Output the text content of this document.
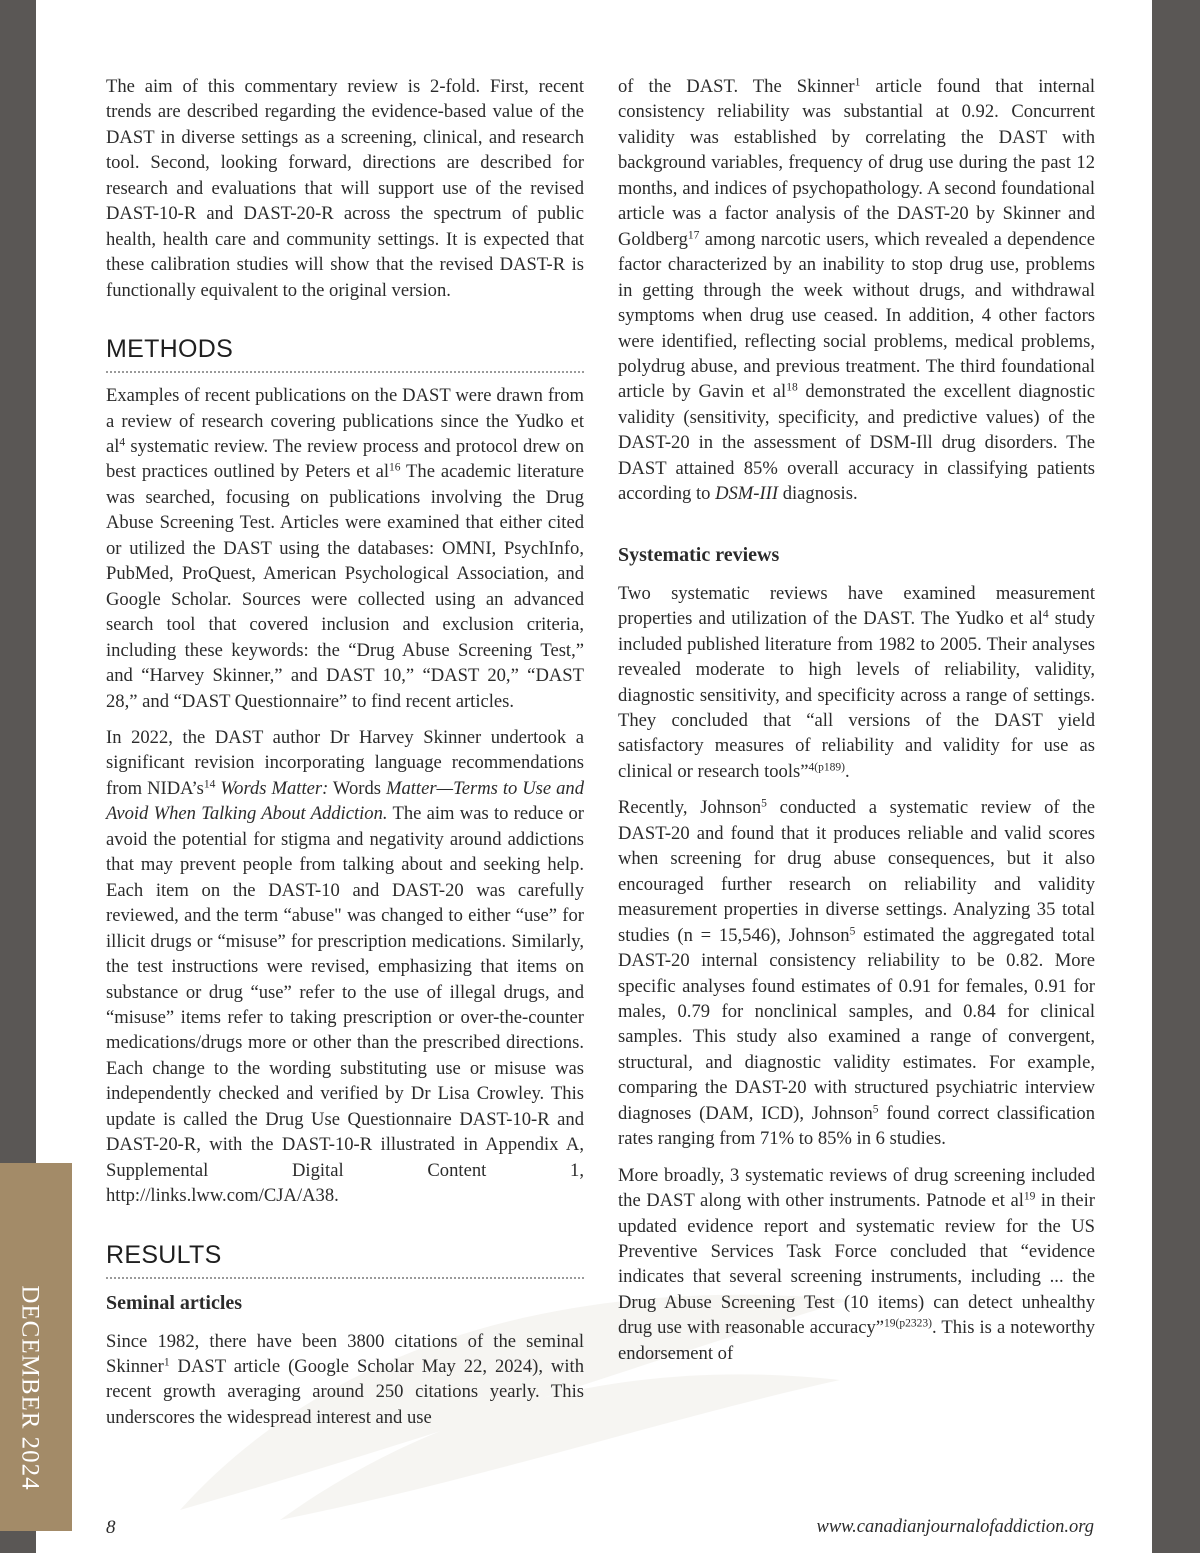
DECEMBER 2024

The aim of this commentary review is 2-fold. First, recent trends are described regarding the evidence-based value of the DAST in diverse settings as a screening, clinical, and research tool. Second, looking forward, directions are described for research and evaluations that will support use of the revised DAST-10-R and DAST-20-R across the spectrum of public health, health care and community settings. It is expected that these calibration studies will show that the revised DAST-R is functionally equivalent to the original version.

METHODS

Examples of recent publications on the DAST were drawn from a review of research covering publications since the Yudko et $al^4$ systematic review. The review process and protocol drew on best practices outlined by Peters et $al^{16}$ The academic literature was searched, focusing on publications involving the Drug Abuse Screening Test. Articles were examined that either cited or utilized the DAST using the databases: OMNI, PsychInfo, PubMed, ProQuest, American Psychological Association, and Google Scholar. Sources were collected using an advanced search tool that covered inclusion and exclusion criteria, including these keywords: the “Drug Abuse Screening Test,” and “Harvey Skinner,” and DAST 10,” “DAST 20,” “DAST 28,” and “DAST Questionnaire” to find recent articles.

In 2022, the DAST author Dr Harvey Skinner undertook a significant revision incorporating language recommendations from $NIDA’s^{14}$ Words Matter: Words Matter—Terms to Use and Avoid When Talking About Addiction. The aim was to reduce or avoid the potential for stigma and negativity around addictions that may prevent people from talking about and seeking help. Each item on the DAST-10 and DAST-20 was carefully reviewed, and the term “abuse" was changed to either “use” for illicit drugs or “misuse” for prescription medications. Similarly, the test instructions were revised, emphasizing that items on substance or drug “use” refer to the use of illegal drugs, and “misuse” items refer to taking prescription or over-the-counter medications/drugs more or other than the prescribed directions. Each change to the wording substituting use or misuse was independently checked and verified by Dr Lisa Crowley. This update is called the Drug Use Questionnaire DAST-10-R and DAST-20-R, with the DAST-10-R illustrated in Appendix A, Supplemental Digital Content 1, http://links.lww.com/CJA/A38.

RESULTS
Seminal articles

Since 1982, there have been 3800 citations of the seminal Skinner$^1$ DAST article (Google Scholar May 22, 2024), with recent growth averaging around 250 citations yearly. This underscores the widespread interest and use

of the DAST. The Skinner$^1$ article found that internal consistency reliability was substantial at 0.92. Concurrent validity was established by correlating the DAST with background variables, frequency of drug use during the past 12 months, and indices of psychopathology. A second foundational article was a factor analysis of the DAST-20 by Skinner and Goldberg$^{17}$ among narcotic users, which revealed a dependence factor characterized by an inability to stop drug use, problems in getting through the week without drugs, and withdrawal symptoms when drug use ceased. In addition, 4 other factors were identified, reflecting social problems, medical problems, polydrug abuse, and previous treatment. The third foundational article by Gavin et $al^{18}$ demonstrated the excellent diagnostic validity (sensitivity, specificity, and predictive values) of the DAST-20 in the assessment of DSM-Ill drug disorders. The DAST attained 85% overall accuracy in classifying patients according to DSM-III diagnosis.

Systematic reviews

Two systematic reviews have examined measurement properties and utilization of the DAST. The Yudko et $al^4$ study included published literature from 1982 to 2005. Their analyses revealed moderate to high levels of reliability, validity, diagnostic sensitivity, and specificity across a range of settings. They concluded that “all versions of the DAST yield satisfactory measures of reliability and validity for use as clinical or research tools”$^{4(p189)}$.

Recently, Johnson$^5$ conducted a systematic review of the DAST-20 and found that it produces reliable and valid scores when screening for drug abuse consequences, but it also encouraged further research on reliability and validity measurement properties in diverse settings. Analyzing 35 total studies (n = 15,546), Johnson$^5$ estimated the aggregated total DAST-20 internal consistency reliability to be 0.82. More specific analyses found estimates of 0.91 for females, 0.91 for males, 0.79 for nonclinical samples, and 0.84 for clinical samples. This study also examined a range of convergent, structural, and diagnostic validity estimates. For example, comparing the DAST-20 with structured psychiatric interview diagnoses (DAM, ICD), Johnson$^5$ found correct classification rates ranging from 71% to 85% in 6 studies.

More broadly, 3 systematic reviews of drug screening included the DAST along with other instruments. Patnode et $al^{19}$ in their updated evidence report and systematic review for the US Preventive Services Task Force concluded that “evidence indicates that several screening instruments, including ... the Drug Abuse Screening Test (10 items) can detect unhealthy drug use with reasonable accuracy”$^{19(p2323)}$. This is a noteworthy endorsement of

8	www.canadianjournalofaddiction.org
